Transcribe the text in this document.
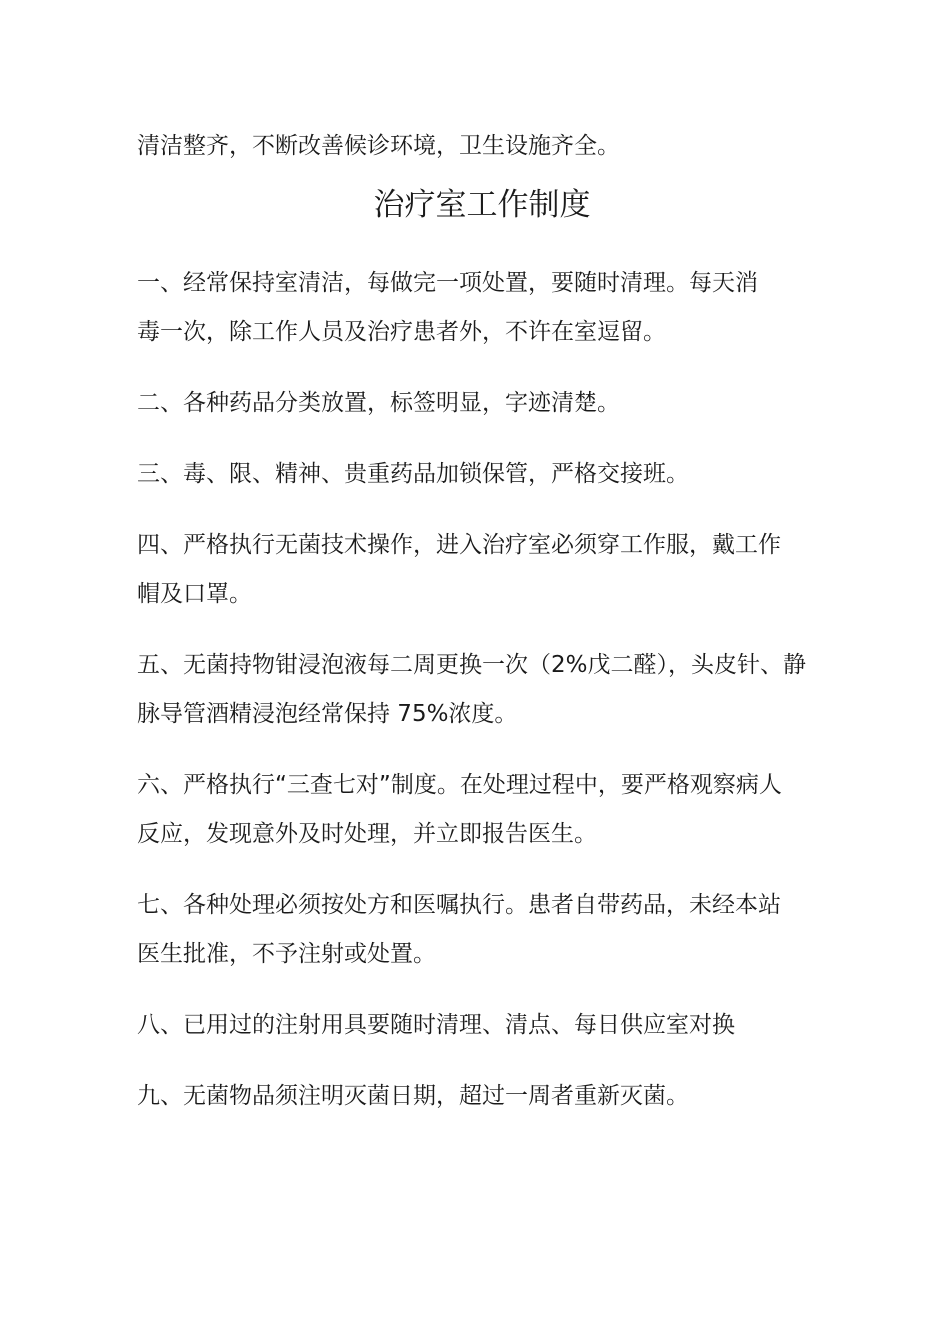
清洁整齐，不断改善候诊环境，卫生设施齐全。

治疗室工作制度

一、经常保持室清洁，每做完一项处置，要随时清理。每天消毒一次，除工作人员及治疗患者外，不许在室逗留。

二、各种药品分类放置，标签明显，字迹清楚。

三、毒、限、精神、贵重药品加锁保管，严格交接班。

四、严格执行无菌技术操作，进入治疗室必须穿工作服，戴工作帽及口罩。

五、无菌持物钳浸泡液每二周更换一次（2%戊二醛），头皮针、静脉导管酒精浸泡经常保持 75%浓度。

六、严格执行“三查七对”制度。在处理过程中，要严格观察病人反应，发现意外及时处理，并立即报告医生。

七、各种处理必须按处方和医嘱执行。患者自带药品，未经本站医生批准，不予注射或处置。

八、已用过的注射用具要随时清理、清点、每日供应室对换

九、无菌物品须注明灭菌日期，超过一周者重新灭菌。
